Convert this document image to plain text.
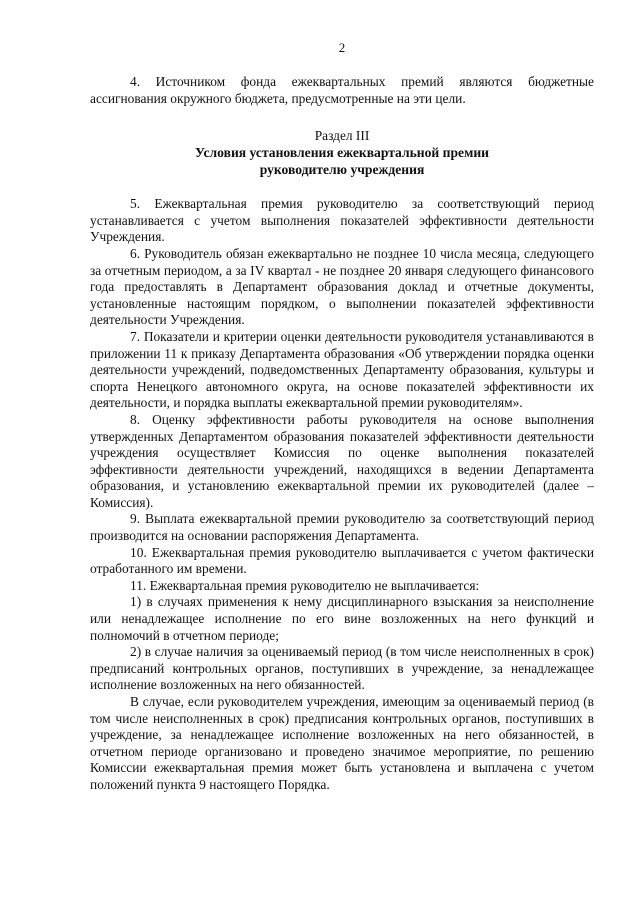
2

4. Источником фонда ежеквартальных премий являются бюджетные ассигнования окружного бюджета, предусмотренные на эти цели.

Раздел III
Условия установления ежеквартальной премии
руководителю учреждения

5. Ежеквартальная премия руководителю за соответствующий период устанавливается с учетом выполнения показателей эффективности деятельности Учреждения.

6. Руководитель обязан ежеквартально не позднее 10 числа месяца, следующего за отчетным периодом, а за IV квартал - не позднее 20 января следующего финансового года предоставлять в Департамент образования доклад и отчетные документы, установленные настоящим порядком, о выполнении показателей эффективности деятельности Учреждения.

7. Показатели и критерии оценки деятельности руководителя устанавливаются в приложении 11 к приказу Департамента образования «Об утверждении порядка оценки деятельности учреждений, подведомственных Департаменту образования, культуры и спорта Ненецкого автономного округа, на основе показателей эффективности их деятельности, и порядка выплаты ежеквартальной премии руководителям».

8. Оценку эффективности работы руководителя на основе выполнения утвержденных Департаментом образования показателей эффективности деятельности учреждения осуществляет Комиссия по оценке выполнения показателей эффективности деятельности учреждений, находящихся в ведении Департамента образования, и установлению ежеквартальной премии их руководителей (далее – Комиссия).

9. Выплата ежеквартальной премии руководителю за соответствующий период производится на основании распоряжения Департамента.

10. Ежеквартальная премия руководителю выплачивается с учетом фактически отработанного им времени.

11. Ежеквартальная премия руководителю не выплачивается:

1) в случаях применения к нему дисциплинарного взыскания за неисполнение или ненадлежащее исполнение по его вине возложенных на него функций и полномочий в отчетном периоде;

2) в случае наличия за оцениваемый период (в том числе неисполненных в срок) предписаний контрольных органов, поступивших в учреждение, за ненадлежащее исполнение возложенных на него обязанностей.

В случае, если руководителем учреждения, имеющим за оцениваемый период (в том числе неисполненных в срок) предписания контрольных органов, поступивших в учреждение, за ненадлежащее исполнение возложенных на него обязанностей, в отчетном периоде организовано и проведено значимое мероприятие, по решению Комиссии ежеквартальная премия может быть установлена и выплачена с учетом положений пункта 9 настоящего Порядка.
